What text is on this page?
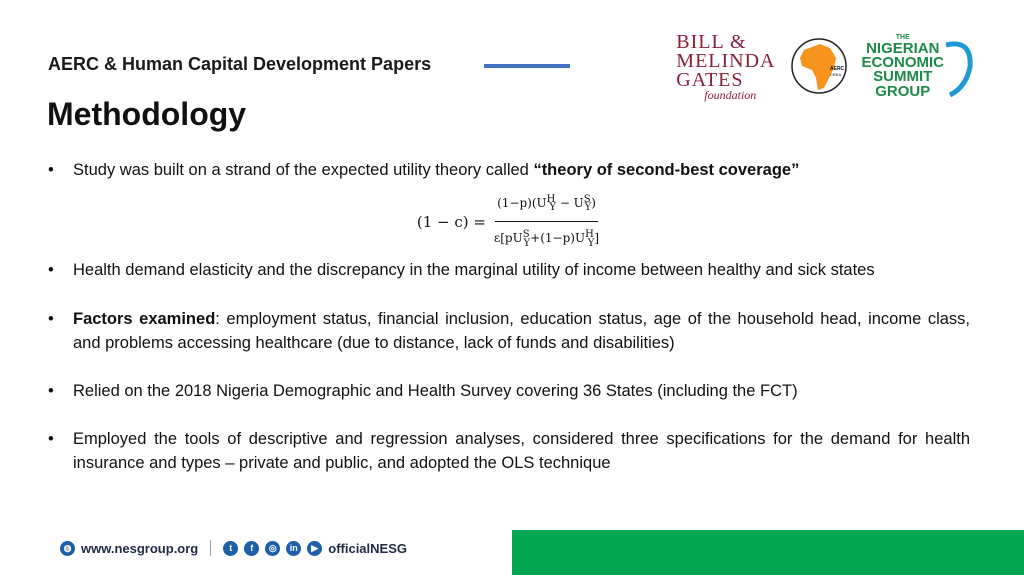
AERC & Human Capital Development Papers
Methodology
BILL &
MELINDA
GATES
foundation
AERC
CREA
THE
NIGERIAN
ECONOMIC
SUMMIT
GROUP
• Study was built on a strand of the expected utility theory called “theory of second-best coverage”
$(1 - c) = \frac{(1-p)(U^H_Y - U^S_Y)}{\varepsilon[pU^S_Y+(1-p)U^H_Y]}$
• Health demand elasticity and the discrepancy in the marginal utility of income between healthy and sick states
• Factors examined: employment status, financial inclusion, education status, age of the household head, income class, and problems accessing healthcare (due to distance, lack of funds and disabilities)
• Relied on the 2018 Nigeria Demographic and Health Survey covering 36 States (including the FCT)
• Employed the tools of descriptive and regression analyses, considered three specifications for the demand for health insurance and types – private and public, and adopted the OLS technique
◍ www.nesgroup.org	t	f	◎	in	▶ officialNESG
